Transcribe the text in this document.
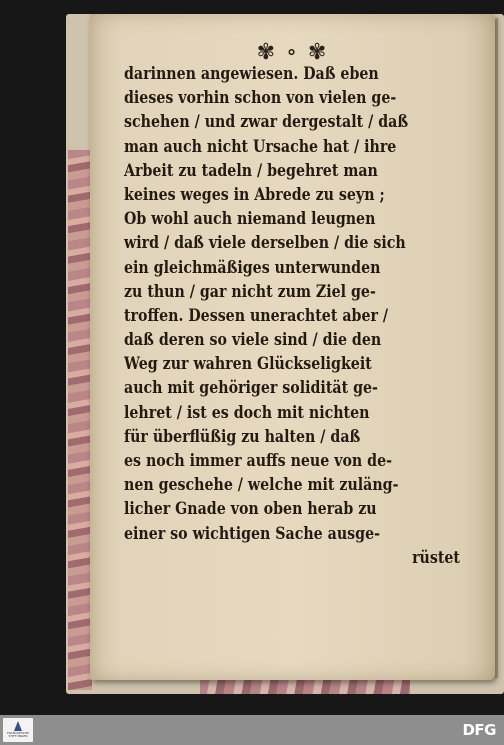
✾ ∘ ✾
darinnen angewiesen. Daß eben
dieses vorhin schon von vielen ge-
schehen / und zwar dergestalt / daß
man auch nicht Ursache hat / ihre
Arbeit zu tadeln / begehret man
keines weges in Abrede zu seyn ;
Ob wohl auch niemand leugnen
wird / daß viele derselben / die sich
ein gleichmäßiges unterwunden
zu thun / gar nicht zum Ziel ge-
troffen. Dessen unerachtet aber /
daß deren so viele sind / die den
Weg zur wahren Glückseligkeit
auch mit gehöriger solidität ge-
lehret / ist es doch mit nichten
für überflüßig zu halten / daß
es noch immer auffs neue von de-
nen geschehe / welche mit zuläng-
licher Gnade von oben herab zu
einer so wichtigen Sache ausge-
rüstet
FRANCKESCHE STIFTUNGEN	DFG
